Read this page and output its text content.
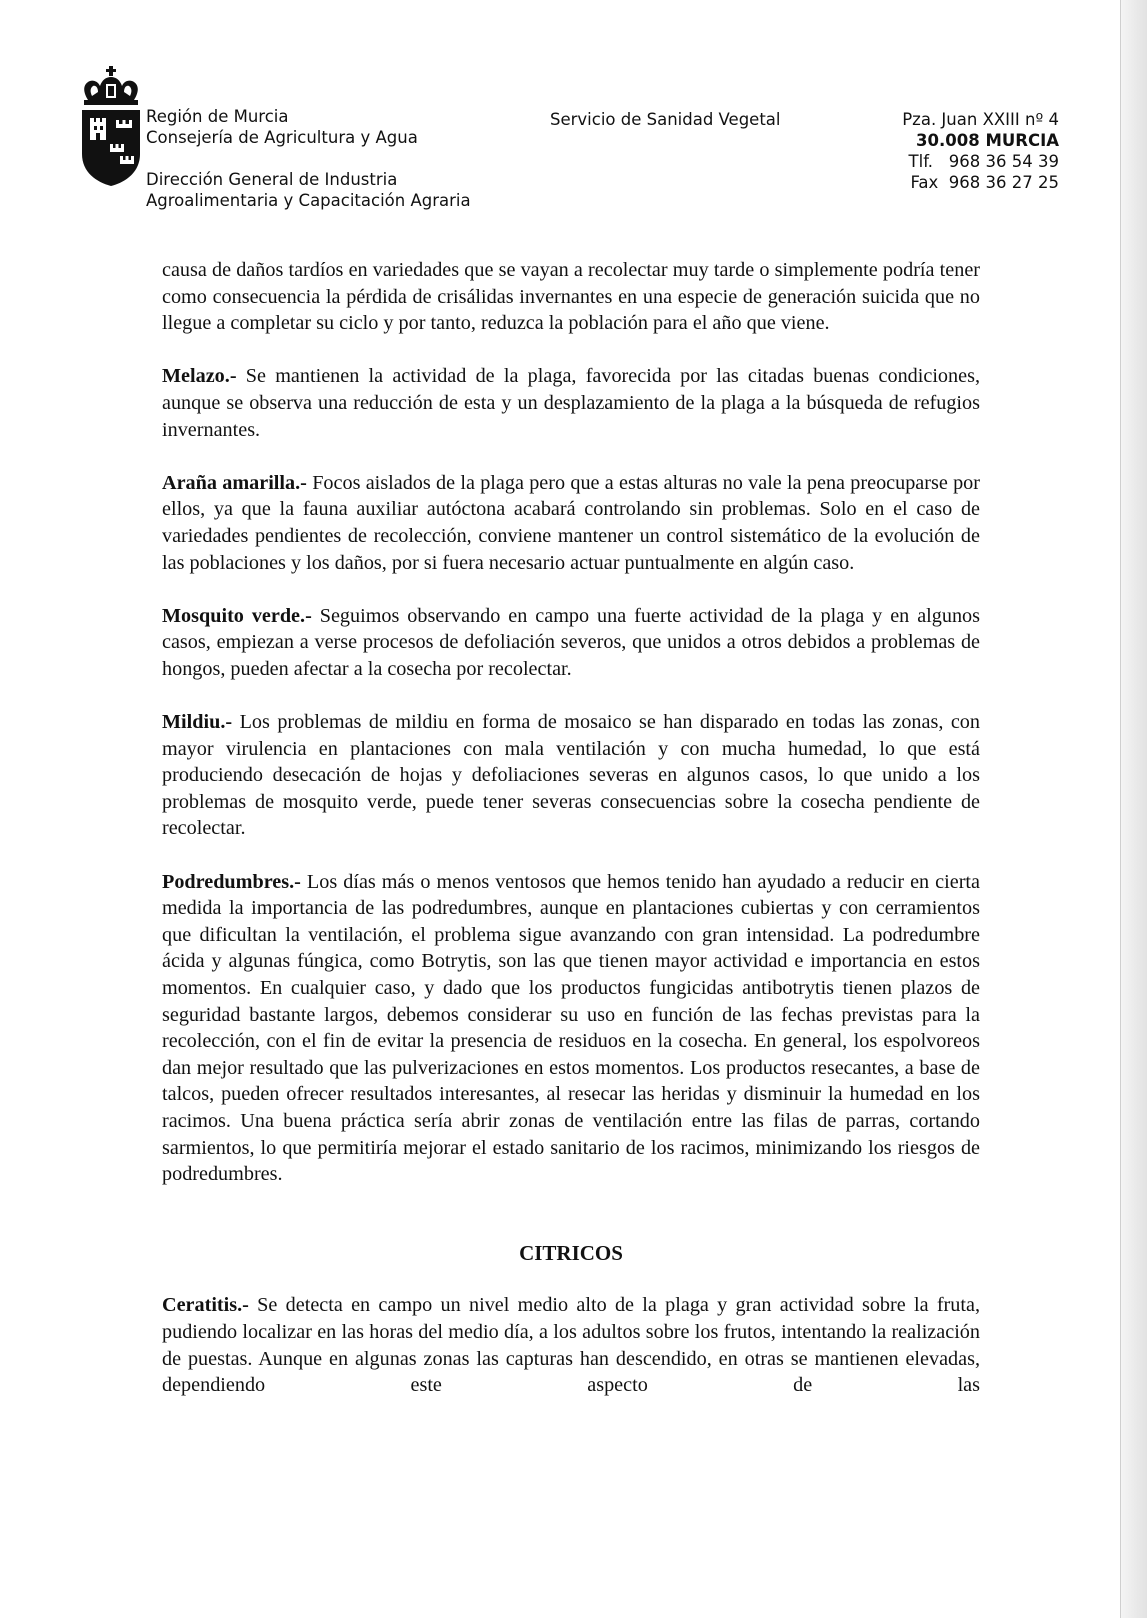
Región de Murcia
Consejería de Agricultura y Agua
Dirección General de Industria
Agroalimentaria y Capacitación Agraria
Servicio de Sanidad Vegetal	Pza. Juan XXIII nº 4
30.008 MURCIA
Tlf.   968 36 54 39
Fax  968 36 27 25

causa de daños tardíos en variedades que se vayan a recolectar muy tarde o simplemente podría tener como consecuencia la pérdida de crisálidas invernantes en una especie de generación suicida que no llegue a completar su ciclo y por tanto, reduzca la población para el año que viene.

Melazo.- Se mantienen la actividad de la plaga, favorecida por las citadas buenas condiciones, aunque se observa una reducción de esta y un desplazamiento de la plaga a la búsqueda de refugios invernantes.

Araña amarilla.- Focos aislados de la plaga pero que a estas alturas no vale la pena preocuparse por ellos, ya que la fauna auxiliar autóctona acabará controlando sin problemas. Solo en el caso de variedades pendientes de recolección, conviene mantener un control sistemático de la evolución de las poblaciones y los daños, por si fuera necesario actuar puntualmente en algún caso.

Mosquito verde.- Seguimos observando en campo una fuerte actividad de la plaga y en algunos casos, empiezan a verse procesos de defoliación severos, que unidos a otros debidos a problemas de hongos, pueden afectar a la cosecha por recolectar.

Mildiu.- Los problemas de mildiu en forma de mosaico se han disparado en todas las zonas, con mayor virulencia en plantaciones con mala ventilación y con mucha humedad, lo que está produciendo desecación de hojas y defoliaciones severas en algunos casos, lo que unido a los problemas de mosquito verde, puede tener severas consecuencias sobre la cosecha pendiente de recolectar.

Podredumbres.- Los días más o menos ventosos que hemos tenido han ayudado a reducir en cierta medida la importancia de las podredumbres, aunque en plantaciones cubiertas y con cerramientos que dificultan la ventilación, el problema sigue avanzando con gran intensidad. La podredumbre ácida y algunas fúngica, como Botrytis, son las que tienen mayor actividad e importancia en estos momentos. En cualquier caso, y dado que los productos fungicidas antibotrytis tienen plazos de seguridad bastante largos, debemos considerar su uso en función de las fechas previstas para la recolección, con el fin de evitar la presencia de residuos en la cosecha. En general, los espolvoreos dan mejor resultado que las pulverizaciones en estos momentos. Los productos resecantes, a base de talcos, pueden ofrecer resultados interesantes, al resecar las heridas y disminuir la humedad en los racimos. Una buena práctica sería abrir zonas de ventilación entre las filas de parras, cortando sarmientos, lo que permitiría mejorar el estado sanitario de los racimos, minimizando los riesgos de podredumbres.

CITRICOS

Ceratitis.- Se detecta en campo un nivel medio alto de la plaga y gran actividad sobre la fruta, pudiendo localizar en las horas del medio día, a los adultos sobre los frutos, intentando la realización de puestas. Aunque en algunas zonas las capturas han descendido, en otras se mantienen elevadas, dependiendo este aspecto de las
